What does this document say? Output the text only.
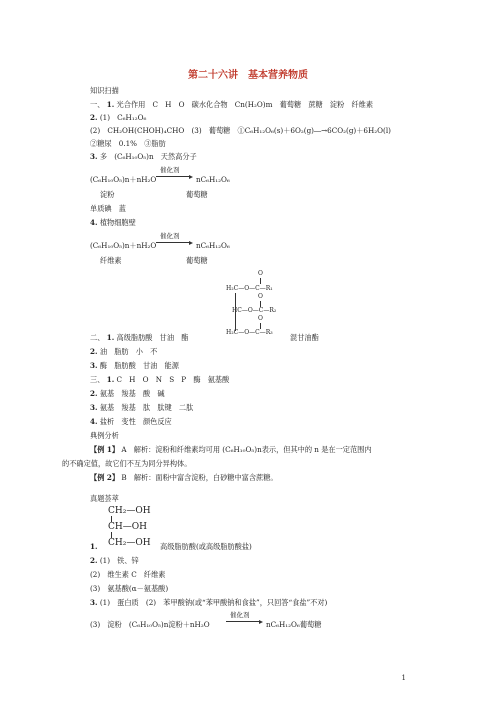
第二十六讲　基本营养物质
知识扫描
一、 1. 光合作用　C　H　O　碳水化合物　Cn(H₂O)m　葡萄糖　蔗糖　淀粉　纤维素
2. (1)　C₆H₁₂O₆
(2)　CH₂OH(CHOH)₄CHO　(3)　葡萄糖　①C₆H₁₂O₆(s)＋6O₂(g)―→6CO₂(g)＋6H₂O(l)
②糖尿　0.1%　③脂肪
3. 多　(C₆H₁₀O₅)n　天然高分子
(C₆H₁₀O₅)n＋nH₂O
催化剂
nC₆H₁₂O₆
淀粉	葡萄糖
单质碘　蓝
4. 植物细胞壁
(C₆H₁₀O₅)n＋nH₂O
催化剂
nC₆H₁₂O₆
纤维素	葡萄糖
O
H₂C—O—C—R₁
O
HC—O—C—R₂
O
H₂C—O—C—R₃
二、 1. 高级脂肪酸　甘油　酯	混甘油酯
2. 油　脂肪　小　不
3. 酶　脂肪酸　甘油　能源
三、 1. C　H　O　N　S　P　酶　氨基酸
2. 氨基　羧基　酸　碱
3. 氨基　羧基　肽　肽键　二肽
4. 盐析　变性　颜色反应
典例分析
【例 1】 A　解析：淀粉和纤维素均可用 (C₆H₁₀O₅)n表示，但其中的 n 是在一定范围内
的不确定值，故它们不互为同分异构体。
【例 2】 B　解析：面粉中富含淀粉，白砂糖中富含蔗糖。
真题荟萃
CH₂—OH
CH—OH
CH₂—OH
1.	高级脂肪酸(或高级脂肪酸盐)
2. (1)　铁、锌
(2)　维生素 C　纤维素
(3)　氨基酸(α－氨基酸)
3. (1)　蛋白质　(2)　苯甲酸钠(或“苯甲酸钠和食盐”，只回答“食盐”不对)
(3)　淀粉　(C₆H₁₀O₅)n淀粉＋nH₂O
催化剂
nC₆H₁₂O₆葡萄糖
1
